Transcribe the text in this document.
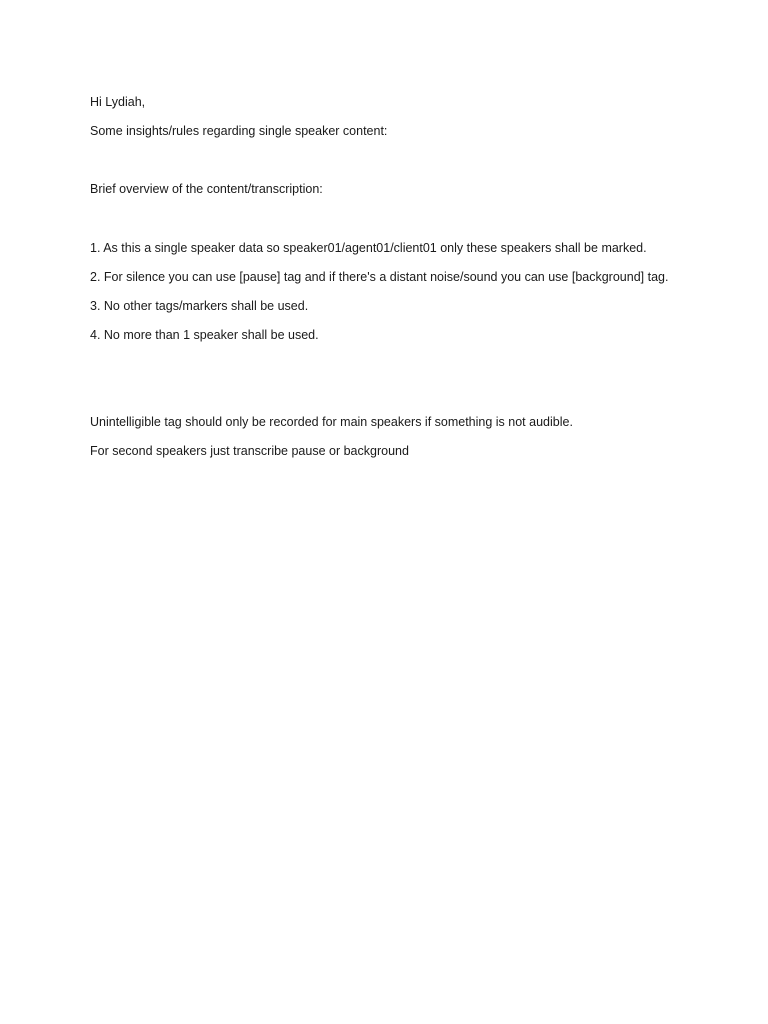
Hi Lydiah,

Some insights/rules regarding single speaker content:

Brief overview of the content/transcription:

1. As this a single speaker data so speaker01/agent01/client01 only these speakers shall be marked.

2. For silence you can use [pause] tag and if there's a distant noise/sound you can use [background] tag.

3. No other tags/markers shall be used.

4. No more than 1 speaker shall be used.

Unintelligible tag should only be recorded for main speakers if something is not audible.

For second speakers just transcribe pause or background
